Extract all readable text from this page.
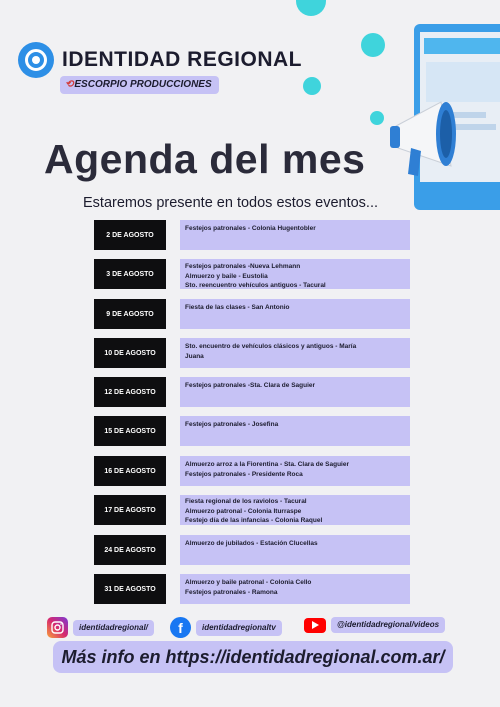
IDENTIDAD REGIONAL
⟲ ESCORPIO PRODUCCIONES
Agenda del mes
Estaremos presente en todos estos eventos...
2 DE AGOSTO
Festejos patronales - Colonia Hugentobler
3 DE AGOSTO
Festejos patronales -Nueva Lehmann
Almuerzo y baile - Eustolia
Sto. reencuentro vehículos antiguos - Tacural
9 DE AGOSTO
Fiesta de las clases - San Antonio
10 DE AGOSTO
Sto. encuentro de vehículos clásicos y antiguos - María
Juana
12 DE AGOSTO
Festejos patronales -Sta. Clara de Saguier
15 DE AGOSTO
Festejos patronales - Josefina
16 DE AGOSTO
Almuerzo arroz a la Fiorentina - Sta. Clara de Saguier
Festejos patronales - Presidente Roca
17 DE AGOSTO
Fiesta regional de los raviolos - Tacural
Almuerzo patronal - Colonia Iturraspe
Festejo día de las infancias - Colonia Raquel
24 DE AGOSTO
Almuerzo de jubilados - Estación Clucellas
31 DE AGOSTO
Almuerzo y baile patronal - Colonia Cello
Festejos patronales - Ramona
identidadregional/	f	identidadregionaltv	@identidadregional/videos
Más info en https://identidadregional.com.ar/
